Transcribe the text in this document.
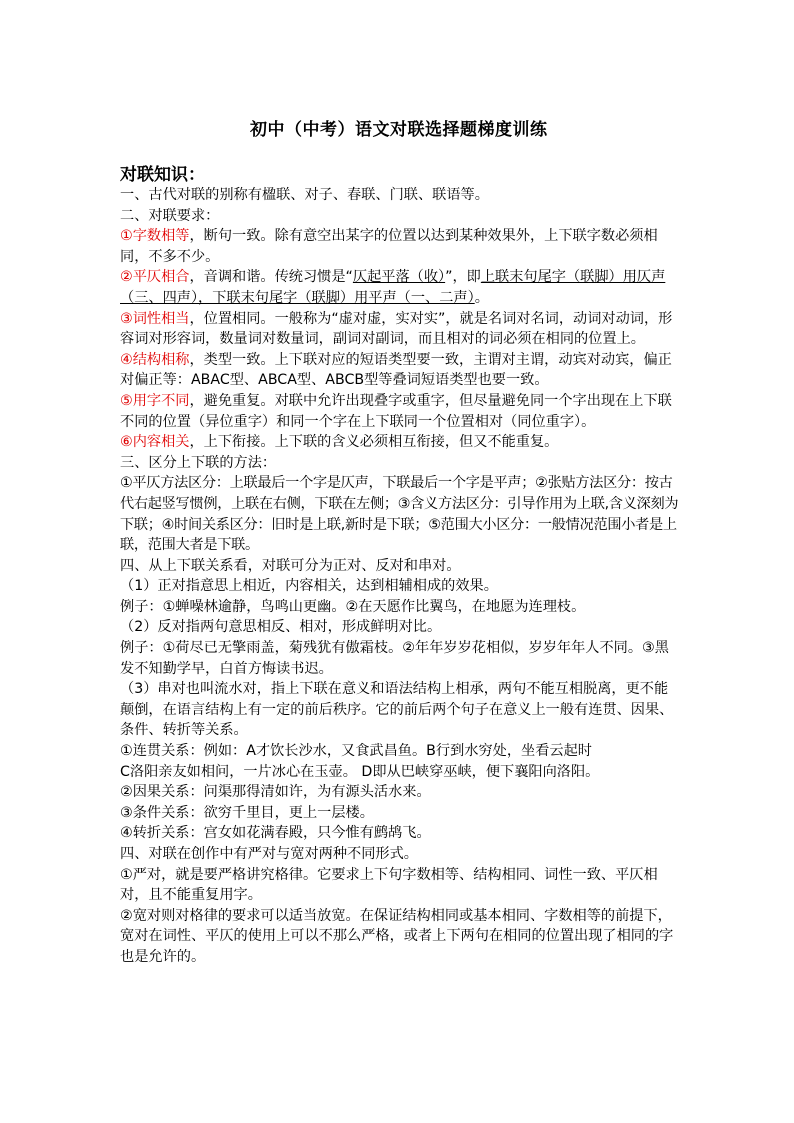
初中（中考）语文对联选择题梯度训练
对联知识：

一、古代对联的别称有楹联、对子、春联、门联、联语等。

二、对联要求：

①字数相等，断句一致。除有意空出某字的位置以达到某种效果外，上下联字数必须相同，不多不少。

②平仄相合，音调和谐。传统习惯是“仄起平落（收）”，即上联末句尾字（联脚）用仄声（三、四声），下联末句尾字（联脚）用平声（一、二声）。

③词性相当，位置相同。一般称为“虚对虚，实对实”，就是名词对名词，动词对动词，形容词对形容词，数量词对数量词，副词对副词，而且相对的词必须在相同的位置上。

④结构相称，类型一致。上下联对应的短语类型要一致，主谓对主谓，动宾对动宾，偏正对偏正等：ABAC型、ABCA型、ABCB型等叠词短语类型也要一致。

⑤用字不同，避免重复。对联中允许出现叠字或重字，但尽量避免同一个字出现在上下联不同的位置（异位重字）和同一个字在上下联同一个位置相对（同位重字）。

⑥内容相关，上下衔接。上下联的含义必须相互衔接，但又不能重复。

三、区分上下联的方法：

①平仄方法区分：上联最后一个字是仄声，下联最后一个字是平声；②张贴方法区分：按古代右起竖写惯例，上联在右侧，下联在左侧；③含义方法区分：引导作用为上联,含义深刻为下联；④时间关系区分：旧时是上联,新时是下联；⑤范围大小区分：一般情况范围小者是上联，范围大者是下联。

四、从上下联关系看，对联可分为正对、反对和串对。

（1）正对指意思上相近，内容相关，达到相辅相成的效果。

例子：①蝉噪林逾静，鸟鸣山更幽。②在天愿作比翼鸟，在地愿为连理枝。

（2）反对指两句意思相反、相对，形成鲜明对比。

例子：①荷尽已无擎雨盖，菊残犹有傲霜枝。②年年岁岁花相似，岁岁年年人不同。③黑发不知勤学早，白首方悔读书迟。

（3）串对也叫流水对，指上下联在意义和语法结构上相承，两句不能互相脱离，更不能颠倒，在语言结构上有一定的前后秩序。它的前后两个句子在意义上一般有连贯、因果、条件、转折等关系。

①连贯关系：例如：A才饮长沙水，又食武昌鱼。B行到水穷处，坐看云起时

C洛阳亲友如相问，一片冰心在玉壶。 D即从巴峡穿巫峡，便下襄阳向洛阳。

②因果关系：问渠那得清如许，为有源头活水来。

③条件关系：欲穷千里目，更上一层楼。

④转折关系：宫女如花满春殿，只今惟有鹧鸪飞。

四、对联在创作中有严对与宽对两种不同形式。

①严对，就是要严格讲究格律。它要求上下句字数相等、结构相同、词性一致、平仄相对，且不能重复用字。

②宽对则对格律的要求可以适当放宽。在保证结构相同或基本相同、字数相等的前提下，宽对在词性、平仄的使用上可以不那么严格，或者上下两句在相同的位置出现了相同的字也是允许的。
